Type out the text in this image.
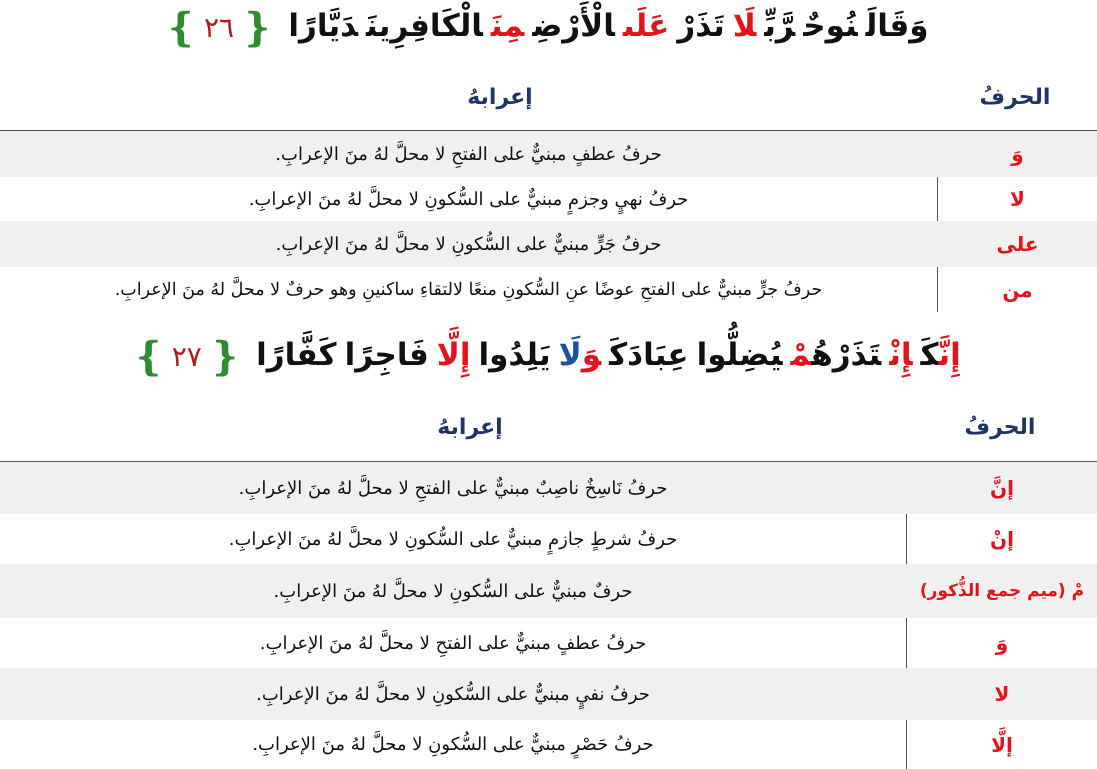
وَقَالَنُوحٌرَّبِّلَاتَذَرْعَلَىالْأَرْضِمِنَالْكَافِرِينَدَيَّارًا ❴٢٦❵
إعرابهُ	الحرفُ
حرفُ عطفٍ مبنيٌّ على الفتحِ لا محلَّ لهُ منَ الإعرابِ.	وَ
حرفُ نهيٍ وجزمٍ مبنيٌّ على السُّكونِ لا محلَّ لهُ منَ الإعرابِ.	لا
حرفُ جَرٍّ مبنيٌّ على السُّكونِ لا محلَّ لهُ منَ الإعرابِ.	على
حرفُ جرٍّ مبنيٌّ على الفتحِ عوضًا عنِ السُّكونِ منعًا لالتقاءِ ساكنينِ وهو حرفٌ لا محلَّ لهُ منَ الإعرابِ.	من
إِنَّكَإِنْتَذَرْهُمْيُضِلُّواعِبَادَكَوَلَايَلِدُواإِلَّافَاجِرًاكَفَّارًا ❴٢٧❵
إعرابهُ	الحرفُ
حرفُ نَاسِخٌ ناصِبٌ مبنيٌّ على الفتحِ لا محلَّ لهُ منَ الإعرابِ.	إنَّ
حرفُ شرطٍ جازمٍ مبنيٌّ على السُّكونِ لا محلَّ لهُ منَ الإعرابِ.	إنْ
حرفٌ مبنيٌّ على السُّكونِ لا محلَّ لهُ منَ الإعرابِ.	مْ (ميم جمع الذُّكور)
حرفُ عطفٍ مبنيٌّ على الفتحِ لا محلَّ لهُ منَ الإعرابِ.	وَ
حرفُ نفيٍ مبنيٌّ على السُّكونِ لا محلَّ لهُ منَ الإعرابِ.	لا
حرفُ حَصْرٍ مبنيٌّ على السُّكونِ لا محلَّ لهُ منَ الإعرابِ.	إلَّا
